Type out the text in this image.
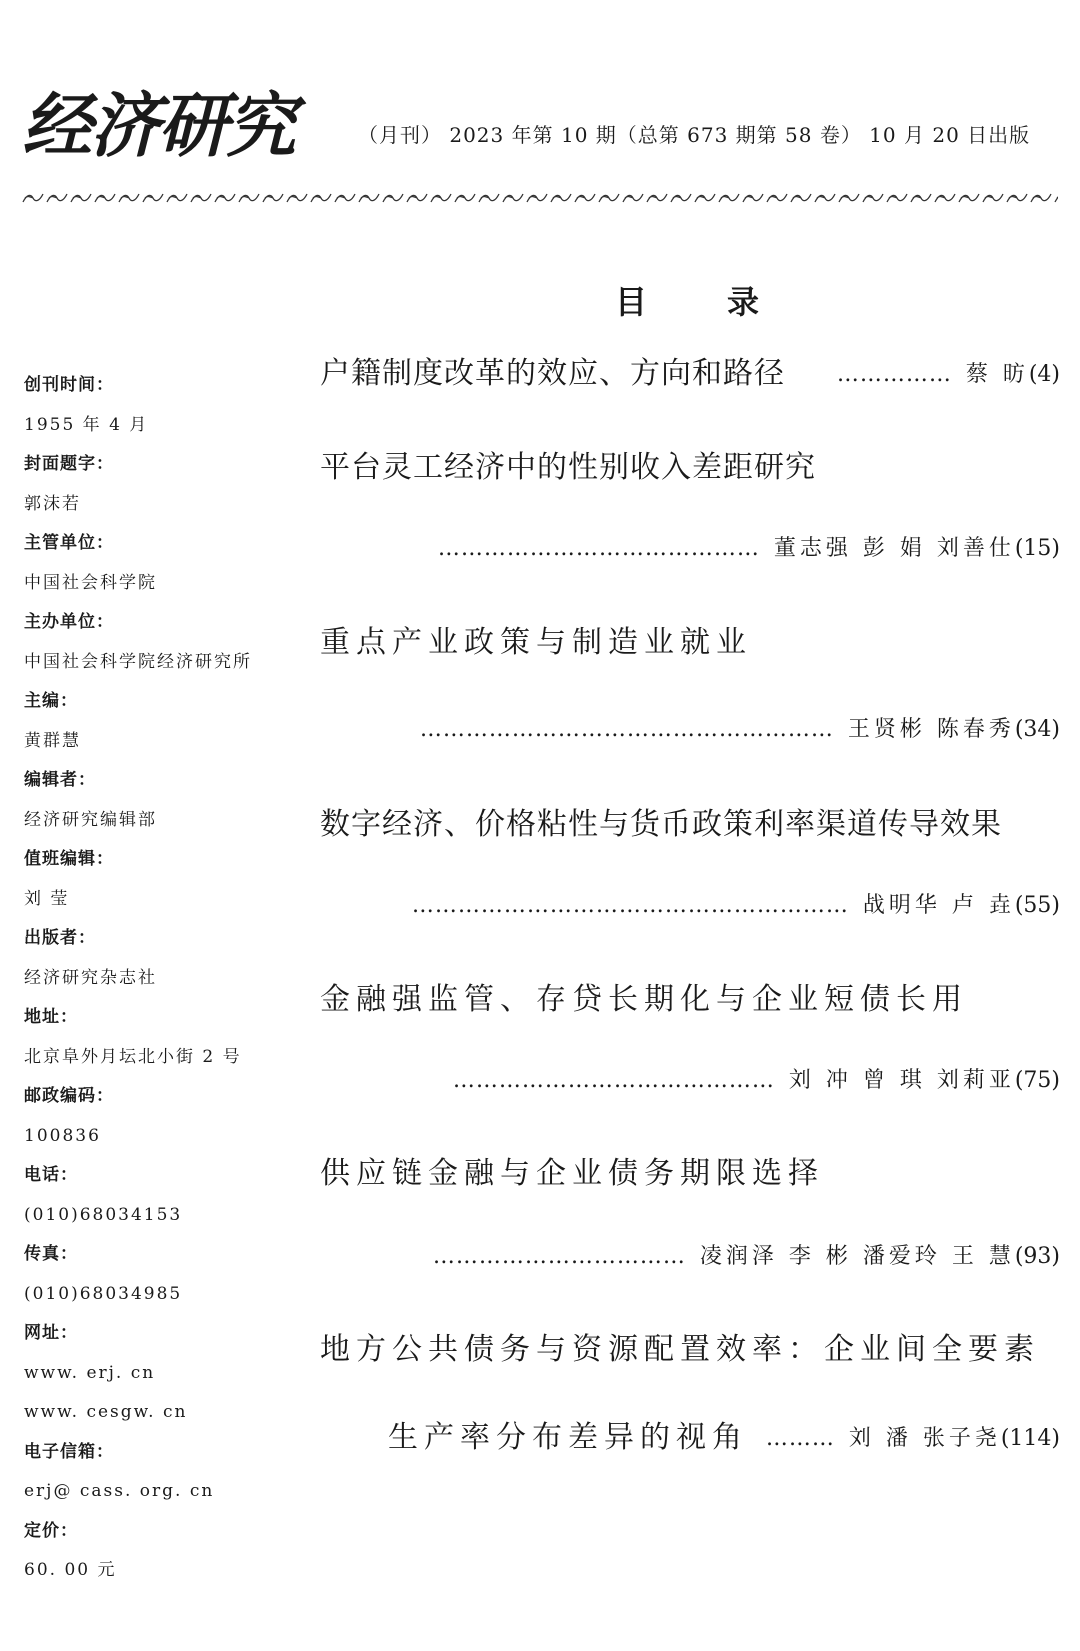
经济研究	（月刊） 2023 年第 10 期（总第 673 期第 58 卷） 10 月 20 日出版
目录
创刊时间：
1955 年 4 月
封面题字：
郭沫若
主管单位：
中国社会科学院
主办单位：
中国社会科学院经济研究所
主编：
黄群慧
编辑者：
经济研究编辑部
值班编辑：
刘 莹
出版者：
经济研究杂志社
地址：
北京阜外月坛北小街 2 号
邮政编码：
100836
电话：
(010)68034153
传真：
(010)68034985
网址：
www. erj. cn
www. cesgw. cn
电子信箱：
erj@ cass. org. cn
定价：
60. 00 元
户籍制度改革的效应、方向和路径 …………… 蔡 昉 (4)
平台灵工经济中的性别收入差距研究
…………………………………… 董志强 彭 娟 刘善仕 (15)
重点产业政策与制造业就业
……………………………………………… 王贤彬 陈春秀 (34)
数字经济、价格粘性与货币政策利率渠道传导效果
………………………………………………… 战明华 卢 垚 (55)
金融强监管、存贷长期化与企业短债长用
…………………………………… 刘 冲 曾 琪 刘莉亚 (75)
供应链金融与企业债务期限选择
…………………………… 凌润泽 李 彬 潘爱玲 王 慧 (93)
地方公共债务与资源配置效率：企业间全要素
生产率分布差异的视角 ……… 刘 潘 张子尧 (114)
